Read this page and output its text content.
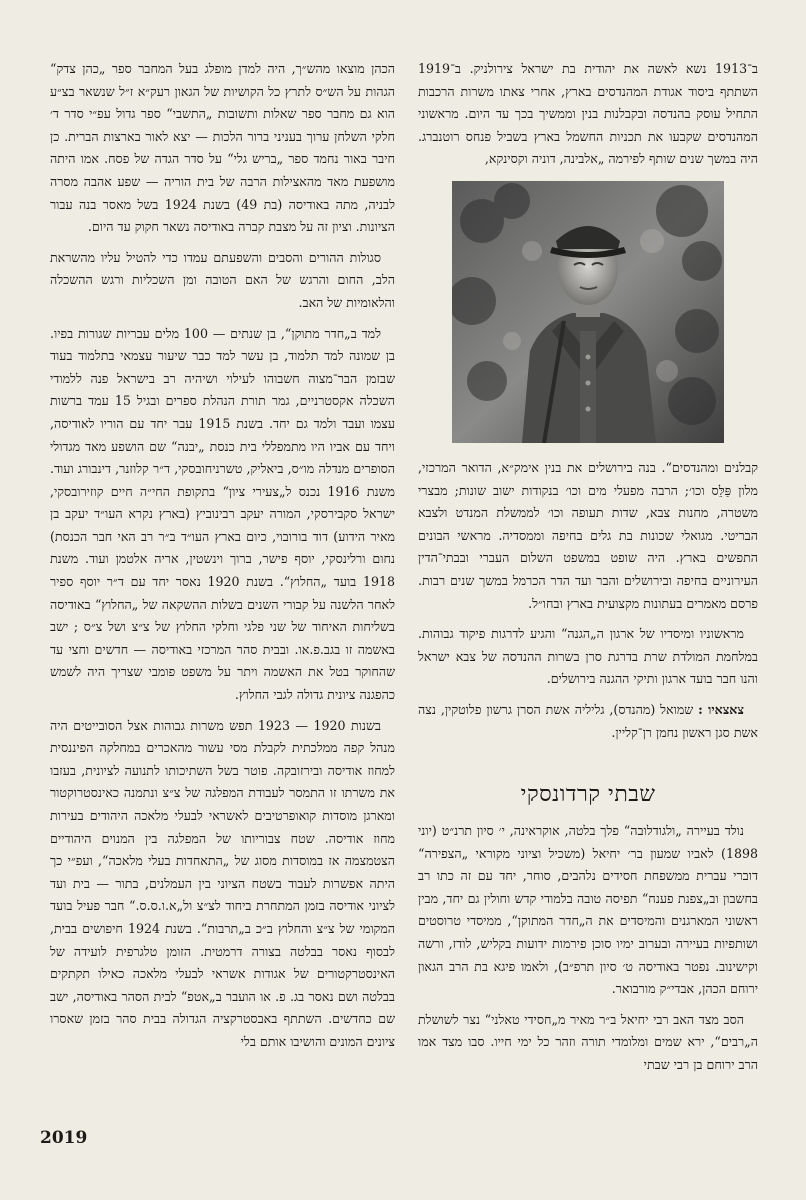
ב־1913 נשא לאשה את יהודית בת ישראל צירולניק. ב־1919 השתתף ביסוד אגודת המהנדסים בארץ, אחרי צאתו משרות הרכבות התחיל עוסק בהנדסה ובקבלנות בנין וממשיך בכך עד היום. מראשוני המהנדסים שקבעו את תכניות החשמל בארץ בשביל פנחס רוטנברג. היה במשך שנים שותף לפירמה „אלבינה, דוניה וקסינקא,

קבלנים ומהנדסים“. בנה בירושלים את בנין אימק״א, הדואר המרכזי, מלון פַּלֵּס וכו׳; הרבה מפעלי מים וכו׳ בנקודות ישוב שונות; מבצרי משטרה, מחנות צבא, שדות תעופה וכו׳ לממשלת המנדט ולצבא הבריטי. מגואלי שכונות בת גלים בחיפה וממסדיה. מראשי הבונים התפשים בארץ. היה שופט במשפט השלום העברי ובבתי־הדין העירוניים בחיפה ובירושלים והבר ועד הדר הכרמל במשך שנים רבות. פרסם מאמרים בעתונות מקצועית בארץ ובחו״ל.

מראשוניו ומיסדיו של ארגון ה„הגנה“ והגיע לדרגות פיקוד גבוהות. במלחמת המולדת שרת בדרגת סרן בשרות ההנדסה של צבא ישראל והנו חבר בועד ארגון ותיקי ההגנה בירושלים.

צאצאיו : שמואל (מהנדס), גליליה אשת הסרן גרשון פלוטקין, נצה אשת סגן ראשון נחמן רן־קליין.

שבתי קרדונסקי

נולד בעיירה „ולגודלובה“ פלך בלטה, אוקראינה, י׳ סיון תרנ״ט (יוני 1898) לאביו שמעון בר׳ יחיאל (משכיל וציוני מקוראי „הצפירה“ דוברי עברית ממשפחת חסידים נלהבים, סוחר, יחד עם זה כתו רב בחשבון וב„צפנת פענח“ תפיסה טובה בלמודי קדש וחולין גם יחד, מבין ראשוני המארגנים והמיסדים את ה„חדר המתוקן“, ממיסדי טרוסטים ושותפיות בעיירה ובערוב ימיו סוכן פירמות ידועות בקליש, לודז, ורשה וקישינוב. נפטר באודיסה ט׳ סיון תרפ״ב), ולאמו פיגא בת הרב הגאון ירוחם הכהן, אבדי״ק מורבואר.

הסב מצד האב רבי יחיאל ב״ר מאיר מ„חסידי טאלני“ נצר לשושלת ה„רבים“, ירא שמים ומלומדי תורה וזהר כל ימי חייו. סבו מצד אמו הרב ירוחם בן רבי שבתי

הכהן מוצאו מהש״ך, היה למדן מופלג בעל המחבר ספר „כהן צדק“ הגהות על הש״ס לתרץ כל הקושיות של הגאון רעק״א ז״ל שנשאר בצ״ע הוא גם מחבר ספר שאלות ותשובות „התשבי“ ספר גדול עפ״י סדר ד׳ חלקי השלחן ערוך בעניני ברור הלכות — יצא לאור בארצות הברית. כן חיבר באור נחמד ספר „בריש גלי“ על סדר הגדה של פסח. אמו היתה מושפעת מאד מהאצילות הרבה של בית הוריה — שפע אהבה מסרה לבניה, מתה באודיסה (בת 49) בשנת 1924 בשל מאסר בנה עבור הציונות. וציון זה על מצבת קברה באודיסה נשאר חקוק עד היום.

סגולות ההורים והסבים והשפעתם עמדו כדי להטיל עליו מהשראת הלב, החום והרגש של האם הטובה ומן השכליות ורגש ההשכלה והלאומיות של האב.

למד ב„חדר מתוקן“, בן שנתים — 100 מלים עבריות שגורות בפיו. בן שמונה למד תלמוד, בן עשר למד כבר שיעור עצמאי בתלמוד בעוד שבזמן הבר־מצוה חשבוהו לעילוי ושיהיה רב בישראל פנה ללמודי השכלה אקסטרניים, גמר תורת הנהלת ספרים ובגיל 15 עמד ברשות עצמו ועבד ולמד גם יחד. בשנת 1915 עבר יחד עם הוריו לאודיסה, ויחד עם אביו היו מתמפללי בית כנסת „יבנה“ שם הושפע מאד מגדולי הסופרים מנדלה מו״ס, ביאליק, טשרניחובסקי, ד״ר קלוזנר, דינבורג ועוד. משנת 1916 נכנס ל„צעירי ציון“ בתקופת החי״ה חיים קוזירובסקי, ישראל סקבירסקי, המורה יעקב רבינוביץ (בארץ נקרא העו״ד יעקב בן מאיר הידוע) דוד בורובוי, כיום בארץ העו״ד ב״ר רב האי חבר הכנסת) נחום ורלינסקי, יוסף פישר, ברוך וינשטין, אריה אלטמן ועוד. משנת 1918 בועד „החלוץ“. בשנת 1920 נאסר יחד עם ד״ר יוסף ספיר לאחר הלשנה על קבורי השנים בשלות ההשקאה של „החלוץ“ באודיסה בשליחות האיחוד של שני פלגי וחלקי החלוץ של צ״צ ושל צ״ס ; ישב באשמה זו בגב.פ.או. ובבית סהר המרכזי באודיסה — חדשים וחצי עד שהחוקר בטל את האשמה ויתר על משפט פומבי שצריך היה לשמש כהפגנה ציונית גדולה לגבי החלוץ.

בשנות 1920 — 1923 תפש משרות גבוהות אצל הסובייטים היה מנהל קפה ממלכתית לקבלת מסי עשור מהאכרים במחלקה הפיננסית למחוז אודיסה ובירזובקה. פוטר בשל השתיכותו לתנועה לציונית, בעזבו את משרתו זו התמסר לעבודת המפלגה של צ״צ ונתמנה כאינסטרוקטור ומארגן מוסדות קואופרטיבים לאשראי לבעלי מלאכה היהודים בעירות מחוז אודיסה. שטח צבוריותו של המפלגה בין המנוים היהודיים הצטמצמה אז במוסדות מסוג של „התאחדות בעלי מלאכה“, ועפ״י כך היתה אפשרות לעבוד בשטח הציוני בין העמלנים, בתור — בית ועד לציוני אודיסה בזמן המתחרת ביחוד לצ״צ ול„א.ו.ס.ס.“ חבר פעיל בועד המקומי של צ״צ והחלוץ ב״כ ב„תרבות“. בשנת 1924 חיפושים בבית, לבסוף נאסר בבלטה בצורה דרמטית. הזומן טלגרפית לועידה של האינסטרקטורים של אגודות אשראי לבעלי מלאכה כאילו תקתקים בבלטה ושם נאסר בג. פ. או הועבר ב„אטפ“ לבית הסהר באודיסה, ישב שם כחדשים. השתתף באבסטרקציה הגדולה בבית סהר בזמן שאסרו ציונים המונים והושיבו אותם בלי

2019
